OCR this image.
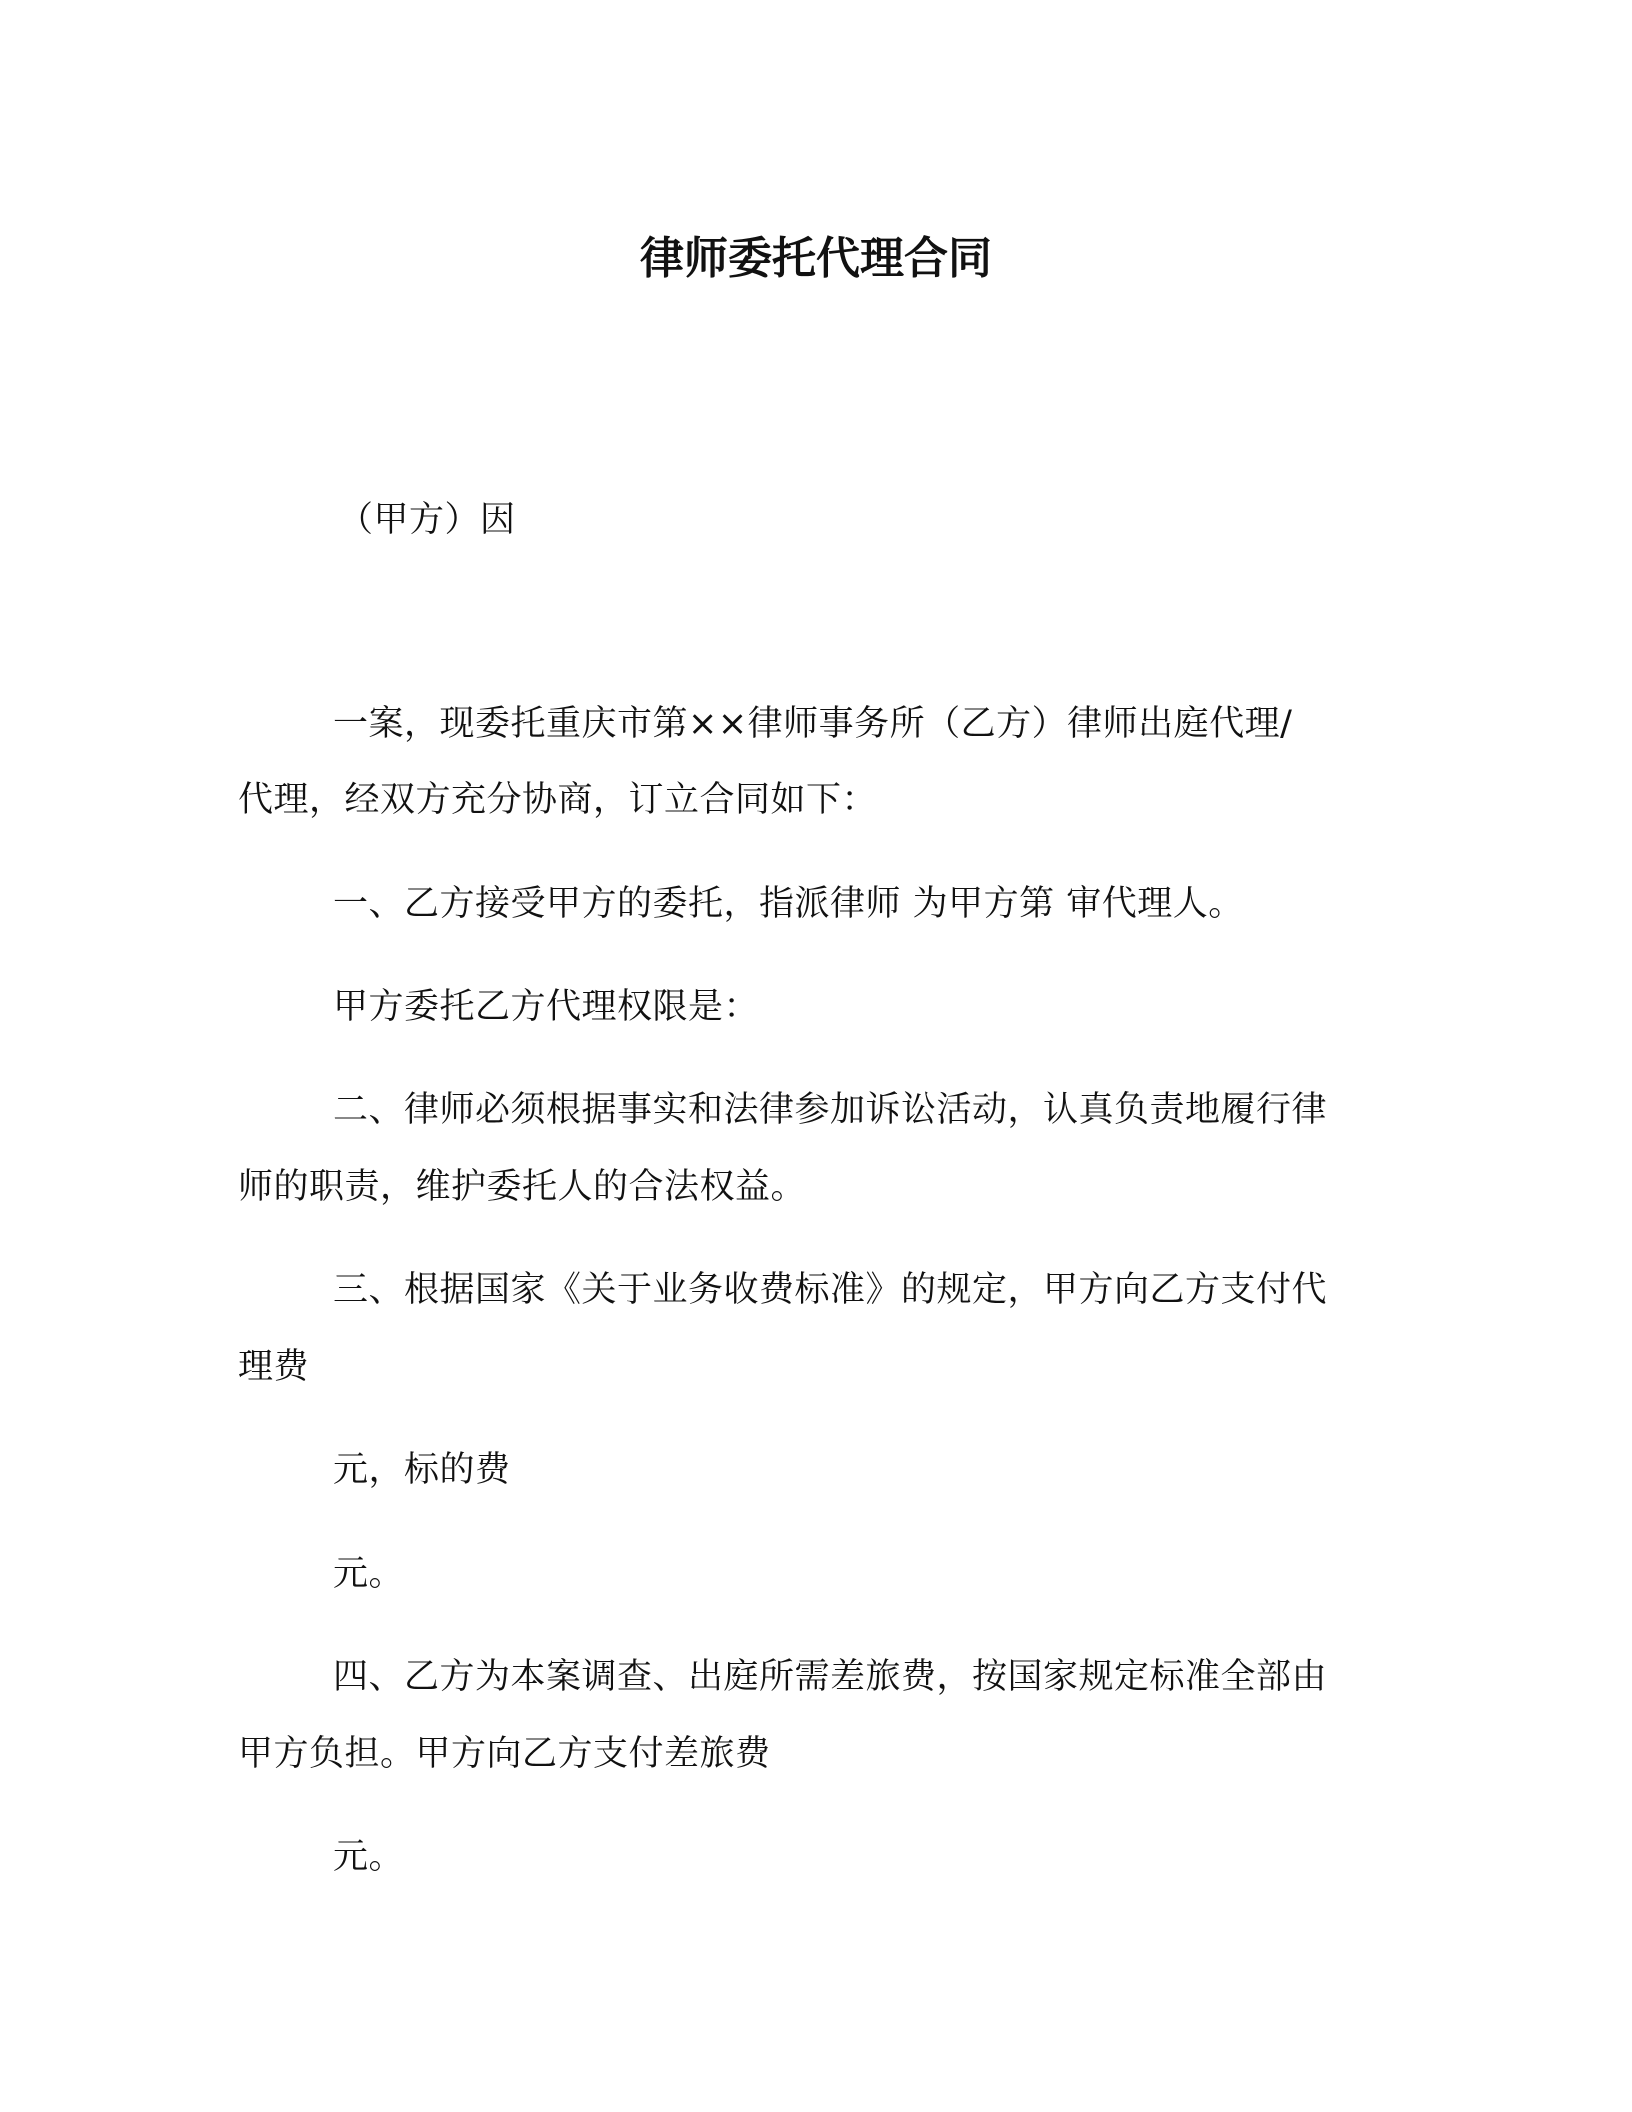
律师委托代理合同
（甲方）因
一案，现委托重庆市第××律师事务所（乙方）律师出庭代理/
代理，经双方充分协商，订立合同如下：
一、乙方接受甲方的委托，指派律师 为甲方第 审代理人。
甲方委托乙方代理权限是：
二、律师必须根据事实和法律参加诉讼活动，认真负责地履行律
师的职责，维护委托人的合法权益。
三、根据国家《关于业务收费标准》的规定，甲方向乙方支付代
理费
元，标的费
元。
四、乙方为本案调查、出庭所需差旅费，按国家规定标准全部由
甲方负担。甲方向乙方支付差旅费
元。
